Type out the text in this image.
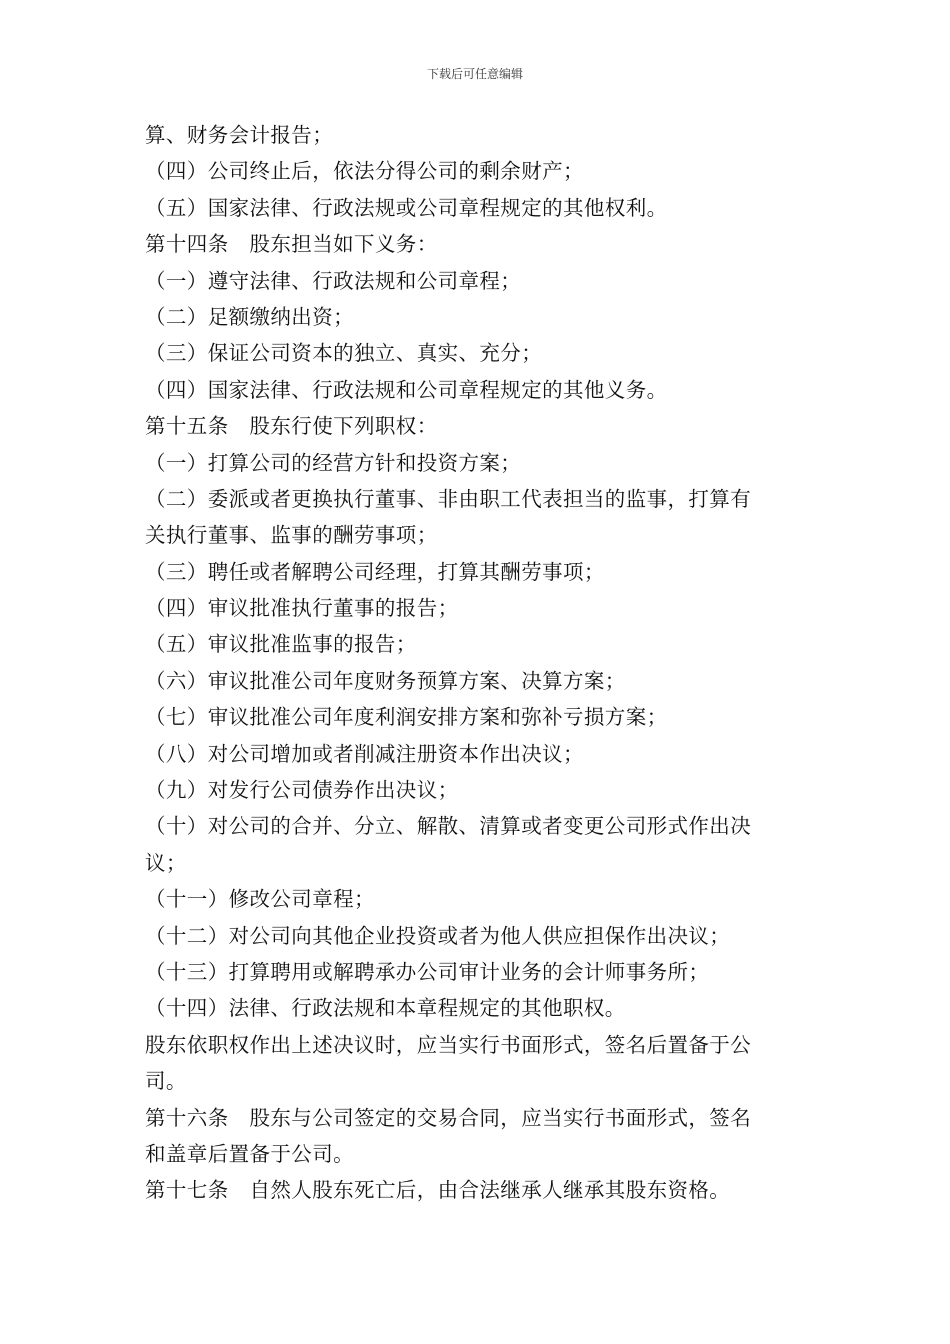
下载后可任意编辑
算、财务会计报告；
（四）公司终止后，依法分得公司的剩余财产；
（五）国家法律、行政法规或公司章程规定的其他权利。
第十四条　股东担当如下义务：
（一）遵守法律、行政法规和公司章程；
（二）足额缴纳出资；
（三）保证公司资本的独立、真实、充分；
（四）国家法律、行政法规和公司章程规定的其他义务。
第十五条　股东行使下列职权：
（一）打算公司的经营方针和投资方案；
（二）委派或者更换执行董事、非由职工代表担当的监事，打算有
关执行董事、监事的酬劳事项；
（三）聘任或者解聘公司经理，打算其酬劳事项；
（四）审议批准执行董事的报告；
（五）审议批准监事的报告；
（六）审议批准公司年度财务预算方案、决算方案；
（七）审议批准公司年度利润安排方案和弥补亏损方案；
（八）对公司增加或者削减注册资本作出决议；
（九）对发行公司债券作出决议；
（十）对公司的合并、分立、解散、清算或者变更公司形式作出决
议；
（十一）修改公司章程；
（十二）对公司向其他企业投资或者为他人供应担保作出决议；
（十三）打算聘用或解聘承办公司审计业务的会计师事务所；
（十四）法律、行政法规和本章程规定的其他职权。
股东依职权作出上述决议时，应当实行书面形式，签名后置备于公
司。
第十六条　股东与公司签定的交易合同，应当实行书面形式，签名
和盖章后置备于公司。
第十七条　自然人股东死亡后，由合法继承人继承其股东资格。
